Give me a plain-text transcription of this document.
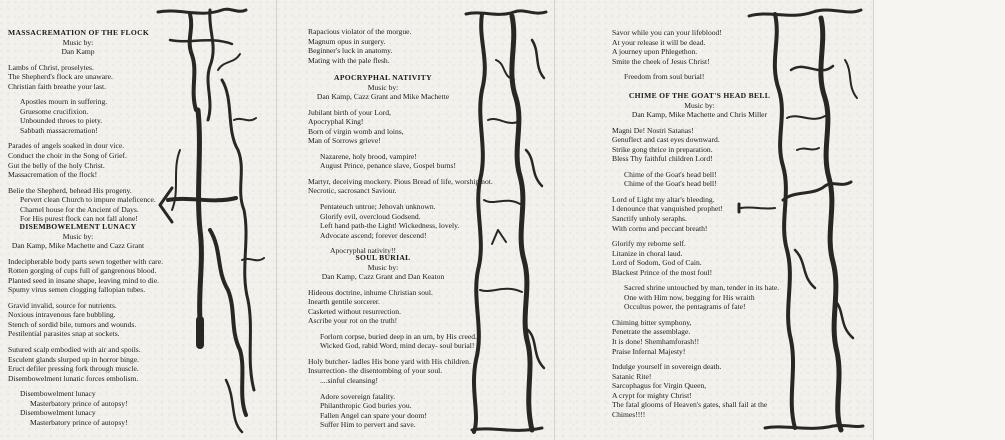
MASSACREMATION OF THE FLOCK
Music by:
Dan Kamp
Lambs of Christ, proselytes.
The Shepherd's flock are unaware.
Christian faith breathe your last.
Apostles mourn in suffering.
Gruesome crucifixion.
Unbounded throes to piety.
Sabbath massacremation!
Parades of angels soaked in dour vice.
Conduct the choir in the Song of Grief.
Gut the belly of the holy Christ.
Massacremation of the flock!
Belie the Shepherd, behead His progeny.
Pervert clean Church to impure maleficence.
Charnel house for the Ancient of Days.
For His purest flock can not fall alone!
DISEMBOWELMENT LUNACY
Music by:
Dan Kamp, Mike Machette and Cazz Grant
Indecipherable body parts sewn together with care.
Rotten gorging of cups full of gangrenous blood.
Planted seed in insane shape, leaving mind to die.
Spumy virus semen clogging fallopian tubes.
Gravid invalid, source for nutrients.
Noxious intravenous fare bubbling.
Stench of sordid bile, tumors and wounds.
Pestilential parasites snap at sockets.
Sutured scalp embodied with air and spoils.
Esculent glands slurped up in horror binge.
Eruct defiler pressing fork through muscle.
Disembowelment lunatic forces embolism.
Disembowelment lunacy
Masterbatory prince of autopsy!
Disembowelment lunacy
Masterbatory prince of autopsy!
Rapacious violator of the morgue.
Magnum opus in surgery.
Beginner's luck in anatomy.
Mating with the pale flesh.
APOCRYPHAL NATIVITY
Music by:
Dan Kamp, Cazz Grant and Mike Machette
Jubilant birth of your Lord,
Apocryphal King!
Born of virgin womb and loins,
Man of Sorrows grieve!
Nazarene, holy brood, vampire!
August Prince, penance slave, Gospel burns!
Martyr, deceiving mockery. Pious Bread of life, worship not.
Necrotic, sacrosanct Saviour.
Pentateuch untrue; Jehovah unknown.
Glorify evil, overcloud Godsend.
Left hand path-the Light! Wickedness, lovely.
Advocate ascend; forever descend!
Apocryphal nativity!!
SOUL BURIAL
Music by:
Dan Kamp, Cazz Grant and Dan Keaton
Hideous doctrine, inhume Christian soul.
Inearth gentile sorcerer.
Casketed without resurrection.
Ascribe your rot on the truth!
Forlorn corpse, buried deep in an urn, by His creed.
Wicked God, rabid Word, mind decay- soul burial!
Holy butcher- ladles His bone yard with His children.
Insurrection- the disentombing of your soul.
....sinful cleansing!
Adore sovereign fatality.
Philanthropic God buries you.
Fallen Angel can spare your doom!
Suffer Him to pervert and save.
Savor while you can your lifeblood!
At your release it will be dead.
A journey upon Phlegethon.
Smite the cheek of Jesus Christ!
Freedom from soul burial!
CHIME OF THE GOAT'S HEAD BELL
Music by:
Dan Kamp, Mike Machette and Chris Miller
Magni De! Nostri Satanas!
Genuflect and cast eyes downward.
Strike gong thrice in preparation.
Bless Thy faithful children Lord!
Chime of the Goat's head bell!
Chime of the Goat's head bell!
Lord of Light my altar's bleeding.
I denounce that vanquished prophet!
Sanctify unholy seraphs.
With cornu and peccant breath!
Glorify my reborne self.
Litanize in choral laud.
Lord of Sodom, God of Cain.
Blackest Prince of the most foul!
Sacred shrine untouched by man, tender in its hate.
One with Him now, begging for His wraith
Occultus power, the pentagrams of fate!
Chiming bitter symphony,
Penetrate the assemblage.
It is done! Shemhamforash!!
Praise Infernal Majesty!
Indulge yourself in sovereign death.
Satanic Rite!
Sarcophagus for Virgin Queen,
A crypt for mighty Christ!
The fatal glooms of Heaven's gates, shall fail at the
Chimes!!!!
